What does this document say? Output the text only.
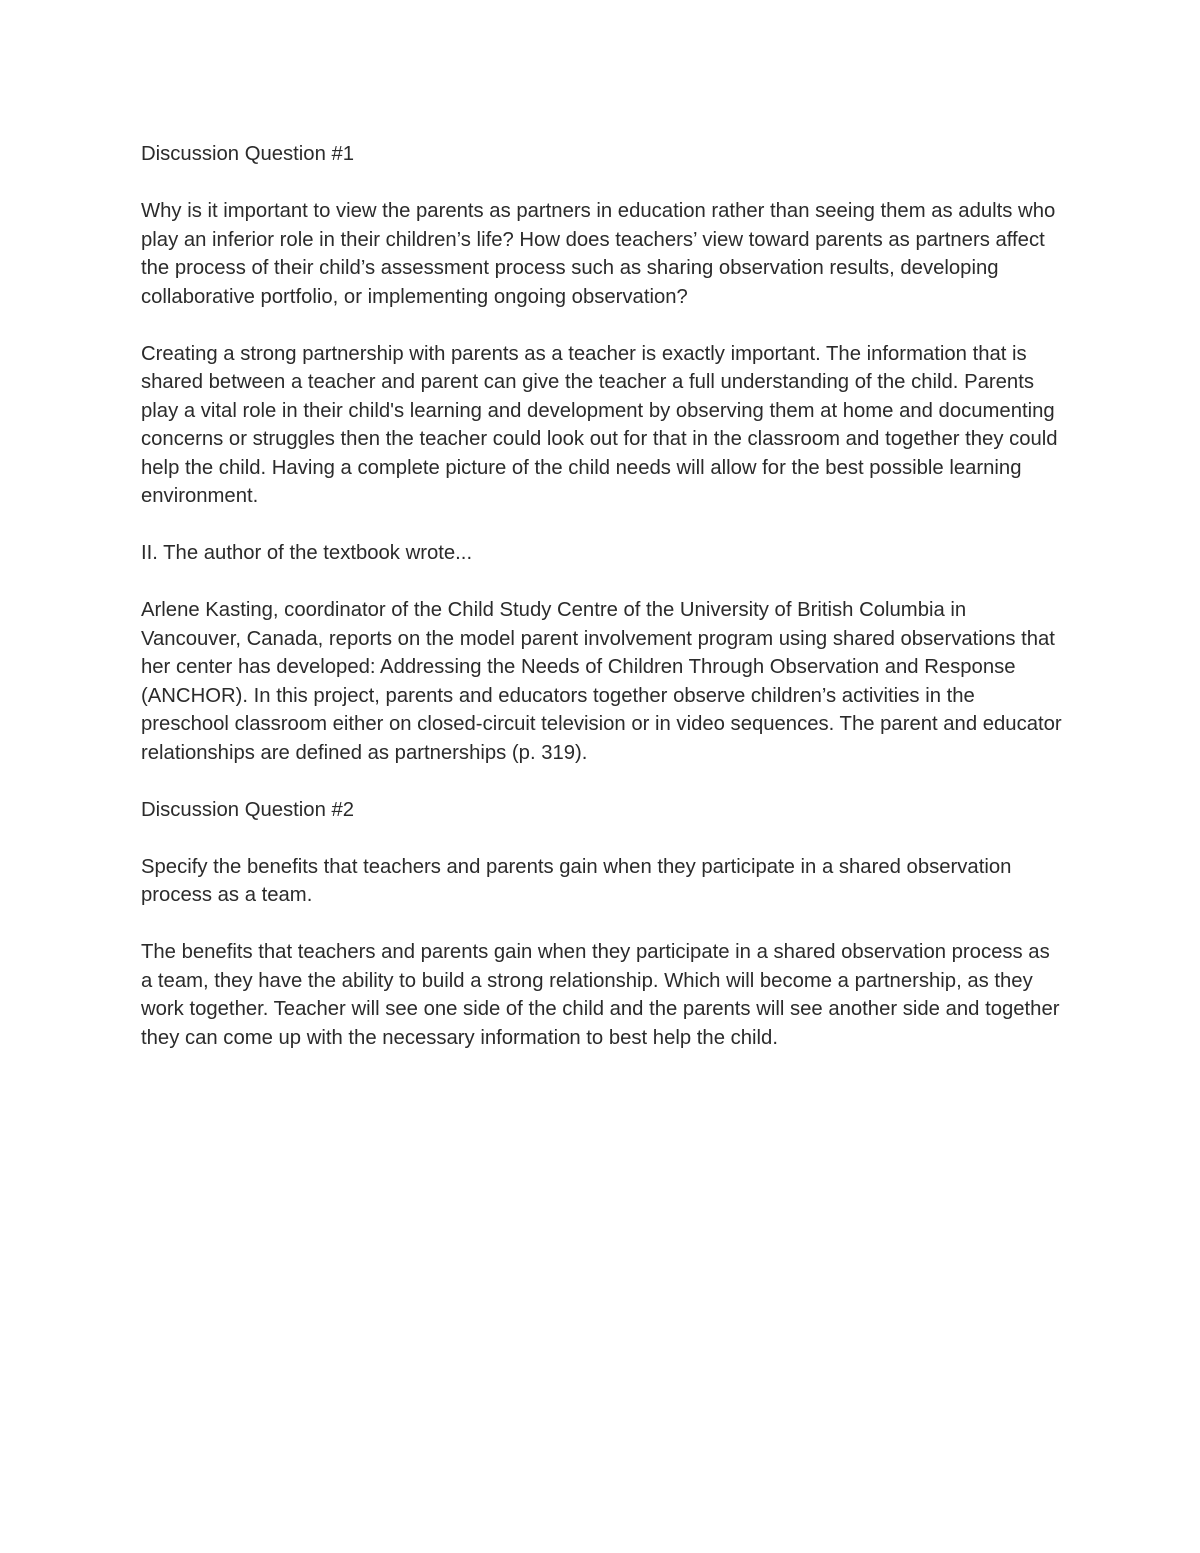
Discussion Question #1

Why is it important to view the parents as partners in education rather than seeing them as adults who play an inferior role in their children’s life? How does teachers’ view toward parents as partners affect the process of their child’s assessment process such as sharing observation results, developing collaborative portfolio, or implementing ongoing observation?

Creating a strong partnership with parents as a teacher is exactly important. The information that is shared between a teacher and parent can give the teacher a full understanding of the child. Parents play a vital role in their child's learning and development by observing them at home and documenting concerns or struggles then the teacher could look out for that in the classroom and together they could help the child. Having a complete picture of the child needs will allow for the best possible learning environment.

II. The author of the textbook wrote...

Arlene Kasting, coordinator of the Child Study Centre of the University of British Columbia in Vancouver, Canada, reports on the model parent involvement program using shared observations that her center has developed: Addressing the Needs of Children Through Observation and Response (ANCHOR). In this project, parents and educators together observe children’s activities in the preschool classroom either on closed-circuit television or in video sequences. The parent and educator relationships are defined as partnerships (p. 319).

Discussion Question #2

Specify the benefits that teachers and parents gain when they participate in a shared observation process as a team.

The benefits that teachers and parents gain when they participate in a shared observation process as a team, they have the ability to build a strong relationship. Which will become a partnership, as they work together. Teacher will see one side of the child and the parents will see another side and together they can come up with the necessary information to best help the child.
